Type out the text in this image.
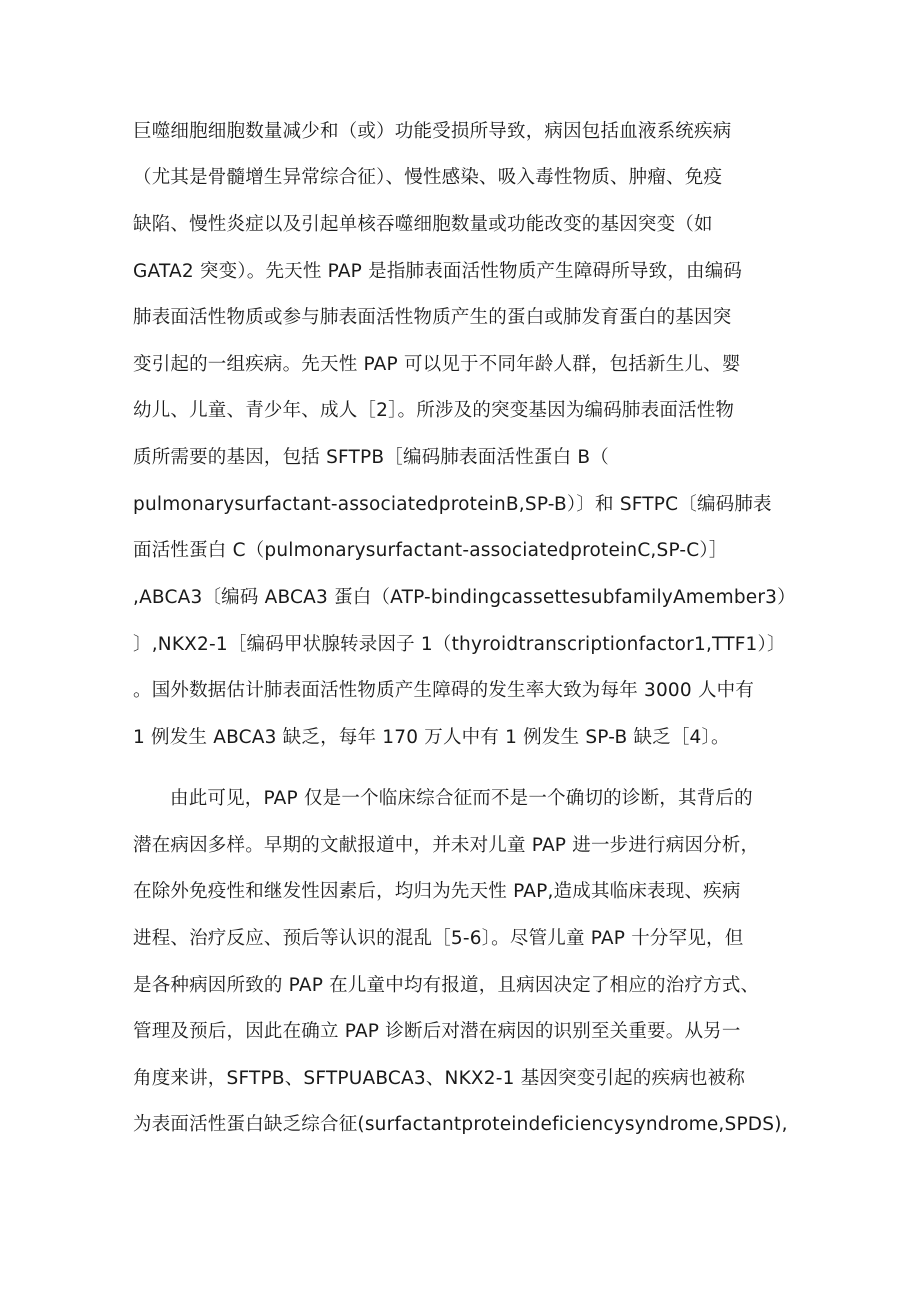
巨噬细胞细胞数量减少和（或）功能受损所导致，病因包括血液系统疾病
（尤其是骨髓增生异常综合征）、慢性感染、吸入毒性物质、肿瘤、免疫
缺陷、慢性炎症以及引起单核吞噬细胞数量或功能改变的基因突变（如
GATA2 突变）。先天性 PAP 是指肺表面活性物质产生障碍所导致，由编码
肺表面活性物质或参与肺表面活性物质产生的蛋白或肺发育蛋白的基因突
变引起的一组疾病。先天性 PAP 可以见于不同年龄人群，包括新生儿、婴
幼儿、儿童、青少年、成人［2］。所涉及的突变基因为编码肺表面活性物
质所需要的基因，包括 SFTPB［编码肺表面活性蛋白 B（
pulmonarysurfactant-associatedproteinB,SP-B）〕和 SFTPC〔编码肺表
面活性蛋白 C（pulmonarysurfactant-associatedproteinC,SP-C）］
,ABCA3〔编码 ABCA3 蛋白（ATP-bindingcassettesubfamilyAmember3）
〕,NKX2-1［编码甲状腺转录因子 1（thyroidtranscriptionfactor1,TTF1）〕
。国外数据估计肺表面活性物质产生障碍的发生率大致为每年 3000 人中有
1 例发生 ABCA3 缺乏，每年 170 万人中有 1 例发生 SP-B 缺乏［4〕。
由此可见，PAP 仅是一个临床综合征而不是一个确切的诊断，其背后的
潜在病因多样。早期的文献报道中，并未对儿童 PAP 进一步进行病因分析，
在除外免疫性和继发性因素后，均归为先天性 PAP,造成其临床表现、疾病
进程、治疗反应、预后等认识的混乱［5-6〕。尽管儿童 PAP 十分罕见，但
是各种病因所致的 PAP 在儿童中均有报道，且病因决定了相应的治疗方式、
管理及预后，因此在确立 PAP 诊断后对潜在病因的识别至关重要。从另一
角度来讲，SFTPB、SFTPUABCA3、NKX2-1 基因突变引起的疾病也被称
为表面活性蛋白缺乏综合征(surfactantproteindeficiencysyndrome,SPDS),
